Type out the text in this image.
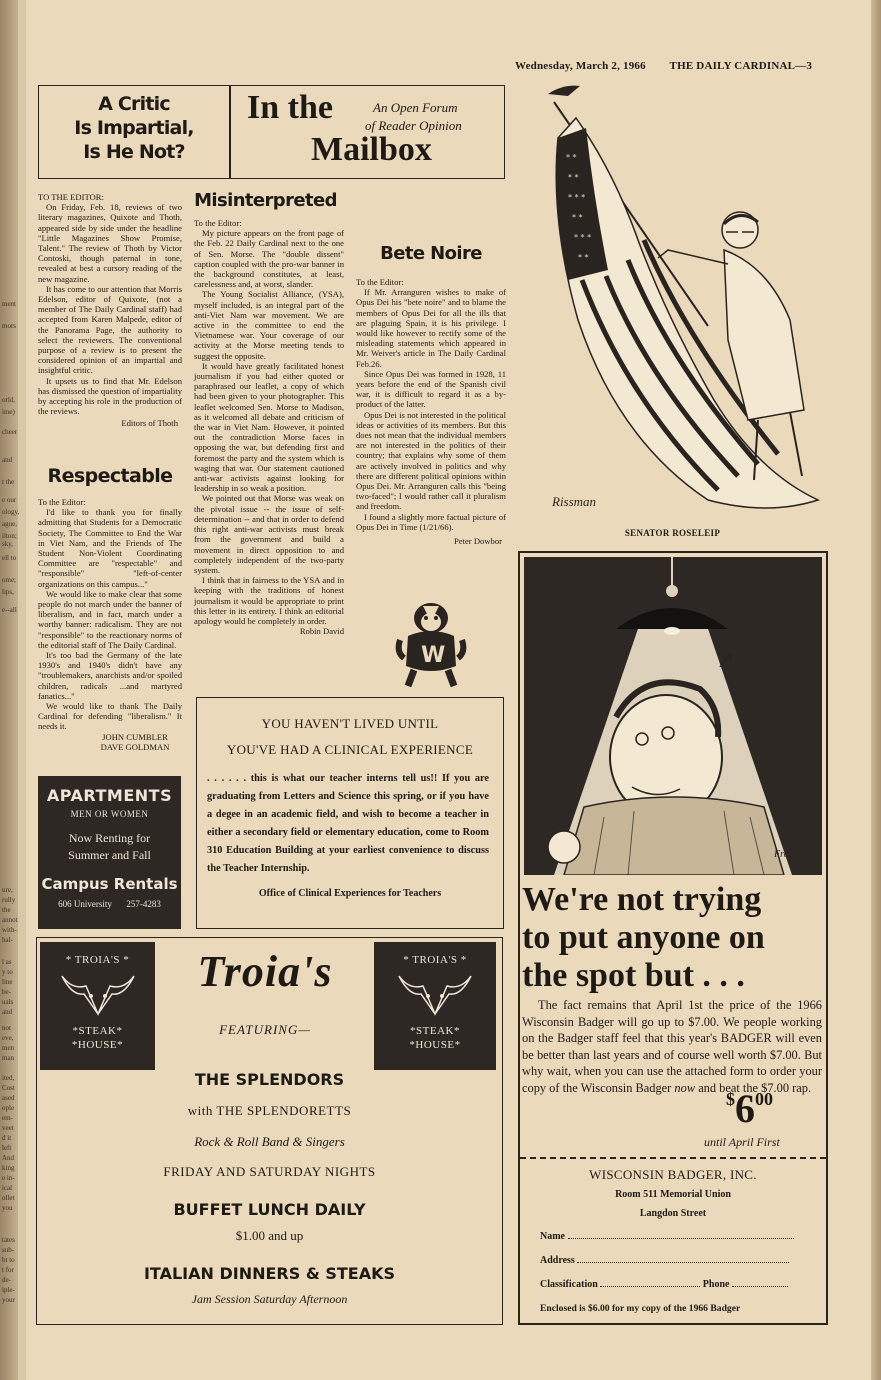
ment
mors
orld,
ime)
cheer
and
t the
e our
ology,
ague,
ilton;
sky,
ell to
ome;
lips,
e--all
ure,
rully
the
annot
with-
hal-
l as
y to
line
be-
uals
and
not
eve,
men
man
ited,
Cost
ased
ople
em-
veet
d it
left
And
king
e in-
ical
ollet
you
tates
sub-
bt to
t for
de-
iple-
your
Wednesday, March 2, 1966 THE DAILY CARDINAL—3
A Critic
Is Impartial,
Is He Not?
In the
Mailbox
An Open Forum
of Reader Opinion

TO THE EDITOR:

On Friday, Feb. 18, reviews of two literary magazines, Quixote and Thoth, appeared side by side under the headline "Little Magazines Show Promise, Talent." The review of Thoth by Victor Contoski, though paternal in tone, revealed at best a cursory reading of the new magazine.

It has come to our attention that Morris Edelson, editor of Quixote, (not a member of The Daily Cardinal staff) had accepted from Karen Malpede, editor of the Panorama Page, the authority to select the reviewers. The conventional purpose of a review is to present the considered opinion of an impartial and insightful critic.

It upsets us to find that Mr. Edelson has dismissed the question of impartiality by accepting his role in the production of the reviews.

Editors of Thoth
Respectable

To the Editor:

I'd like to thank you for finally admitting that Students for a Democratic Society, The Committee to End the War in Viet Nam, and the Friends of The Student Non-Violent Coordinating Committee are "respectable" and "responsible" "left-of-center organizations on this campus..."

We would like to make clear that some people do not march under the banner of liberalism, and in fact, march under a worthy banner: radicalism. They are not "responsible" to the reactionary norms of the editorial staff of The Daily Cardinal.

It's too bad the Germany of the late 1930's and 1940's didn't have any "troublemakers, anarchists and/or spoiled children, radicals ...and martyred fanatics..."

We would like to thank The Daily Cardinal for defending "liberalism." It needs it.

JOHN CUMBLER
DAVE GOLDMAN
APARTMENTS
MEN OR WOMEN
Now Renting for
Summer and Fall
Campus Rentals
606 University 257-4283
Misinterpreted

To the Editor:

My picture appears on the front page of the Feb. 22 Daily Cardinal next to the one of Sen. Morse. The "double dissent" caption coupled with the pro-war banner in the background constitutes, at least, carelessness and, at worst, slander.

The Young Socialist Alliance, (YSA), myself included, is an integral part of the anti-Viet Nam war movement. We are active in the committee to end the Vietnamese war. Your coverage of our activity at the Morse meeting tends to suggest the opposite.

It would have greatly facilitated honest journalism if you had either quoted or paraphrased our leaflet, a copy of which had been given to your photographer. This leaflet welcomed Sen. Morse to Madison, as it welcomed all debate and criticism of the war in Viet Nam. However, it pointed out the contradiction Morse faces in opposing the war, but defending first and foremost the party and the system which is waging that war. Our statement cautioned anti-war activists against looking for leadership in so weak a position.

We pointed out that Morse was weak on the pivotal issue -- the issue of self-determination -- and that in order to defend this right anti-war activists must break from the government and build a movement in direct opposition to and completely independent of the two-party system.

I think that in fairness to the YSA and in keeping with the traditions of honest journalism it would be appropriate to print this letter in its entirety. I think an editorial apology would be completely in order.

Robin David
Bete Noire

To the Editor:

If Mr. Arranguren wishes to make of Opus Dei his "bete noire" and to blame the members of Opus Dei for all the ills that are plaguing Spain, it is his privilege. I would like however to rectify some of the misleading statements which appeared in Mr. Weiver's article in The Daily Cardinal Feb.26.

Since Opus Dei was formed in 1928, 11 years before the end of the Spanish civil war, it is difficult to regard it as a by-product of the latter.

Opus Dei is not interested in the political ideas or activities of its members. But this does not mean that the individual members are not interested in the politics of their country; that explains why some of them are actively involved in politics and why there are different political opinions within Opus Dei. Mr. Arranguren calls this "being two-faced"; I would rather call it pluralism and freedom.

I found a slightly more factual picture of Opus Dei in Time (1/21/66).

Peter Dowbor
W
YOU HAVEN'T LIVED UNTIL
YOU'VE HAD A CLINICAL EXPERIENCE
. . . . . . this is what our teacher interns tell us!! If you are graduating from Letters and Science this spring, or if you have a degee in an academic field, and wish to become a teacher in either a secondary field or elementary education, come to Room 310 Education Building at your earliest convenience to discuss the Teacher Internship.
Office of Clinical Experiences for Teachers
* TROIA'S *
*STEAK*
*HOUSE*
* TROIA'S *
*STEAK*
*HOUSE*
Troia's
FEATURING—
THE SPLENDORS
with THE SPLENDORETTS
Rock & Roll Band & Singers
FRIDAY AND SATURDAY NIGHTS
BUFFET LUNCH DAILY
$1.00 and up
ITALIAN DINNERS & STEAKS
Jam Session Saturday Afternoon
* *
* *
* * *
* *
* * *
* *
Rissman
SENATOR ROSELEIP
Fro.
We're not trying
to put anyone on
the spot but . . .
The fact remains that April 1st the price of the 1966 Wisconsin Badger will go up to $7.00. We people working on the Badger staff feel that this year's BADGER will even be better than last years and of course well worth $7.00. But why wait, when you can use the attached form to order your copy of the Wisconsin Badger now and beat the $7.00 rap.
$600
until April First
WISCONSIN BADGER, INC.
Room 511 Memorial Union
Langdon Street
Name
Address
Classification	Phone
Enclosed is $6.00 for my copy of the 1966 Badger
